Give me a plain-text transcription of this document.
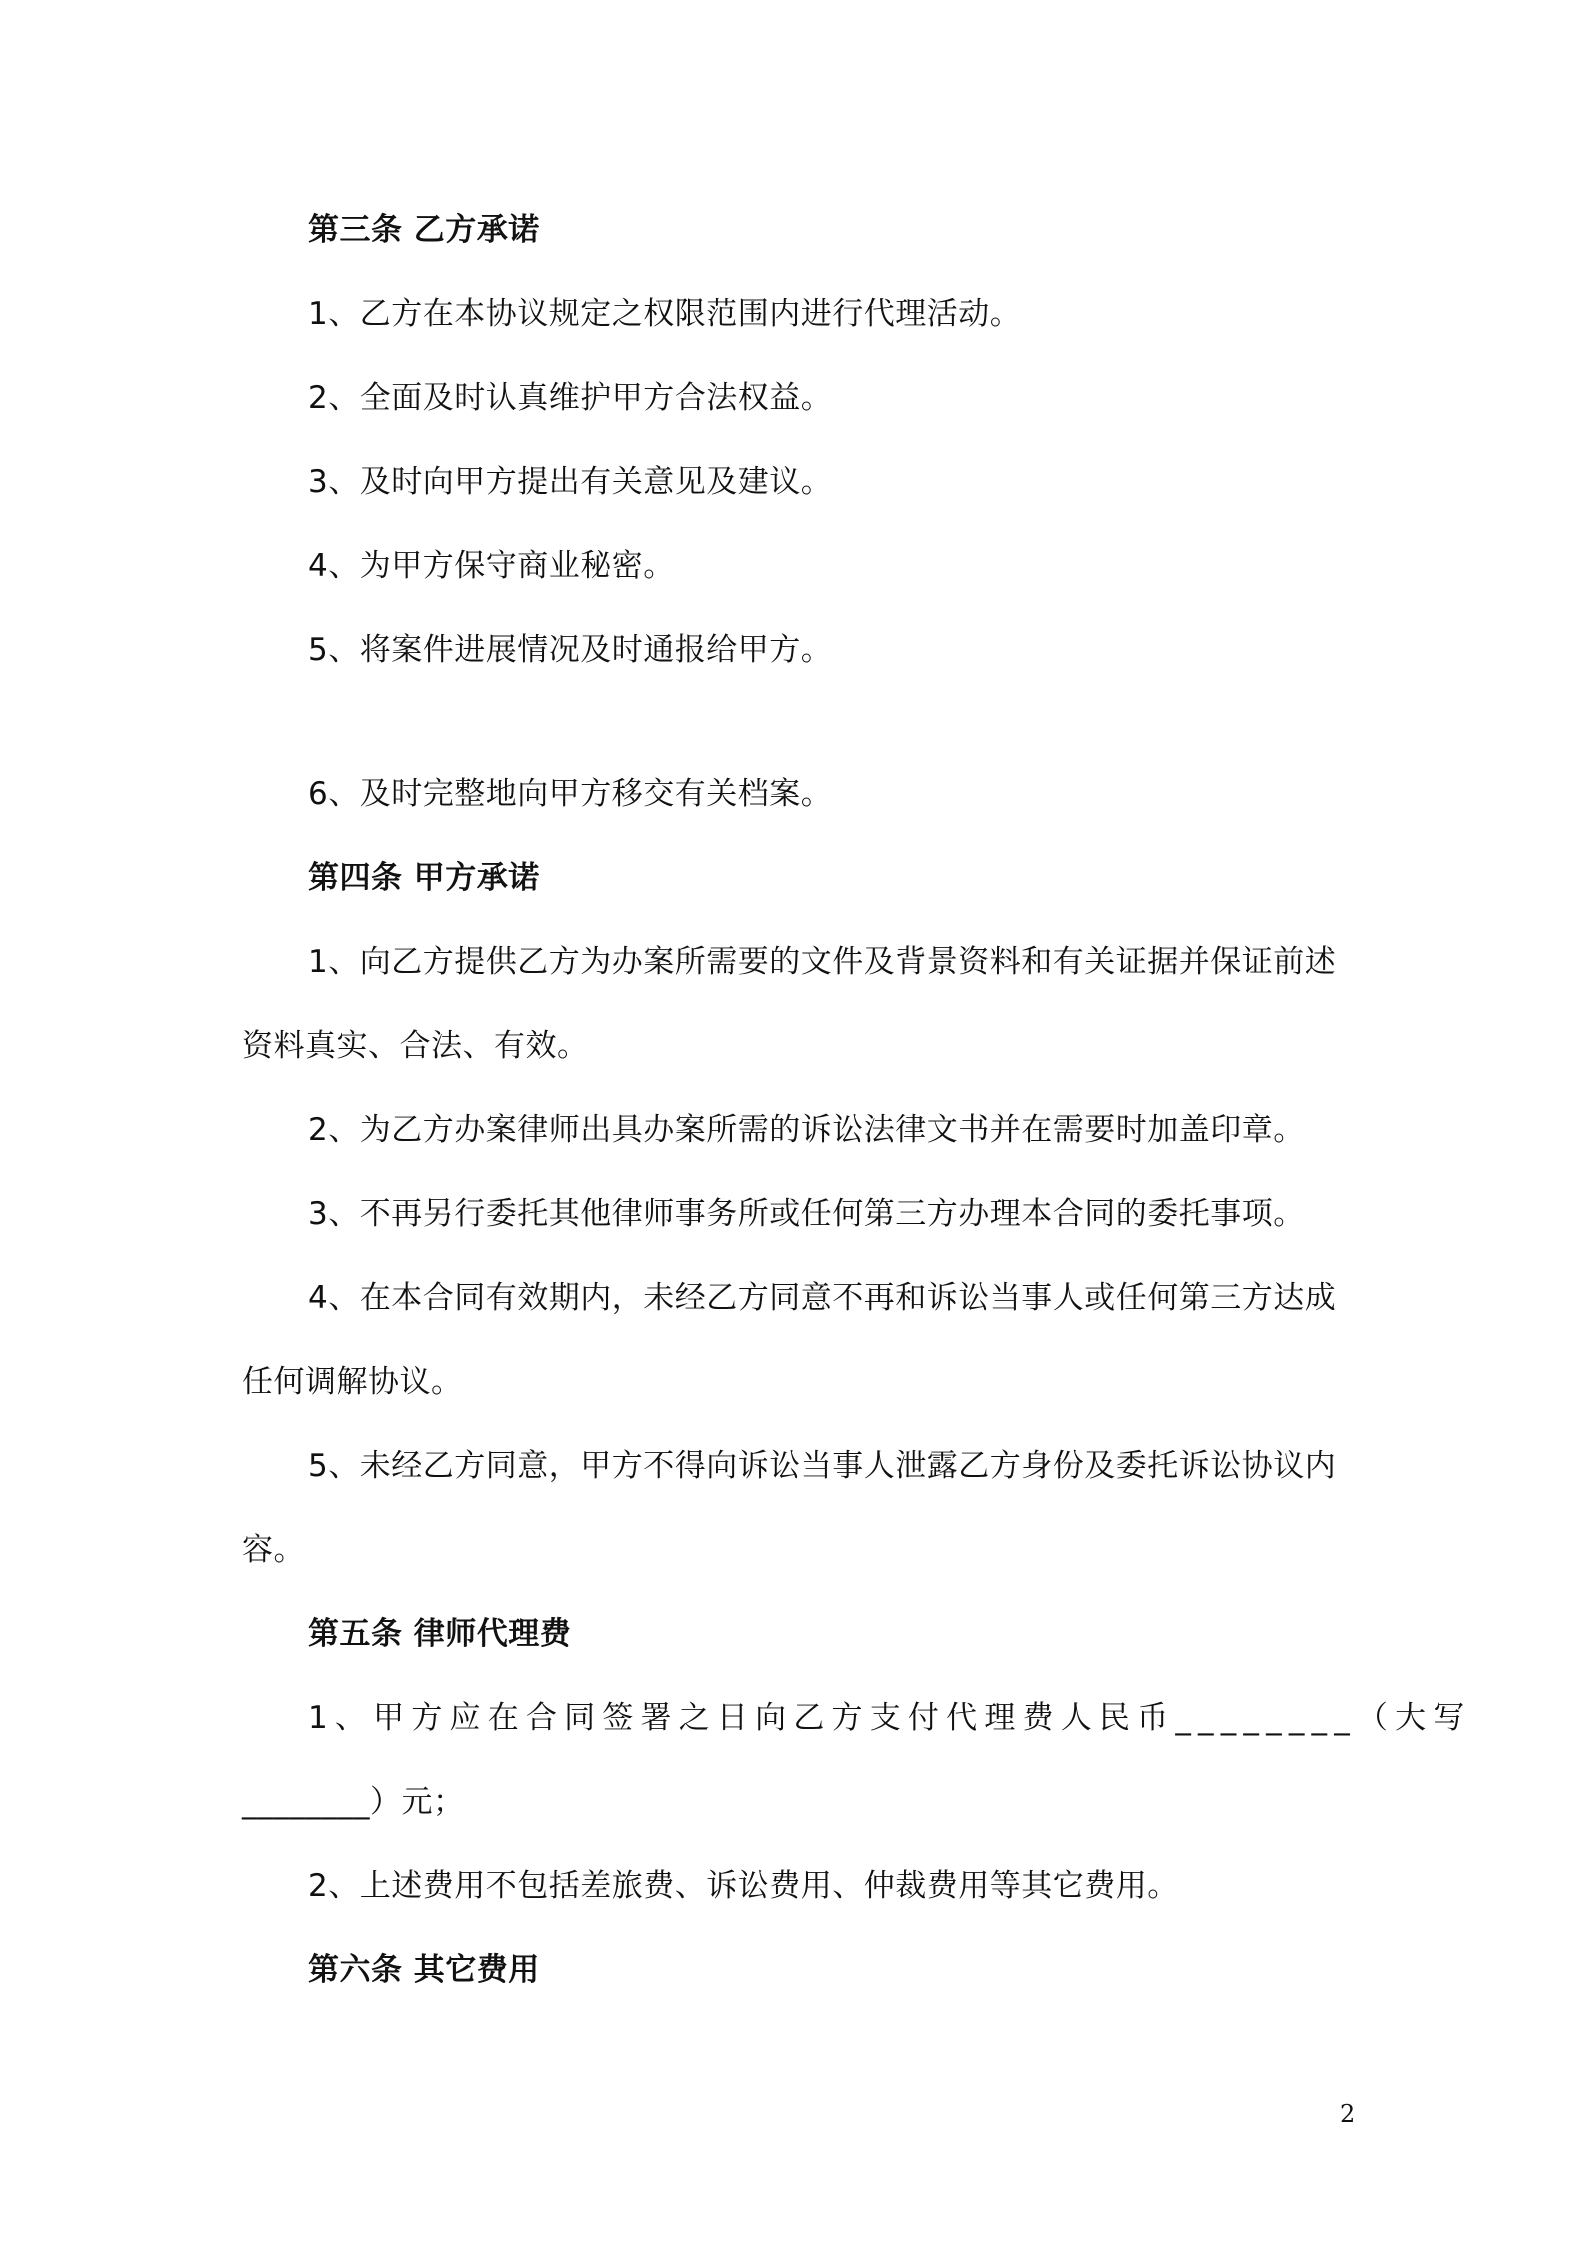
第三条 乙方承诺
1、乙方在本协议规定之权限范围内进行代理活动。
2、全面及时认真维护甲方合法权益。
3、及时向甲方提出有关意见及建议。
4、为甲方保守商业秘密。
5、将案件进展情况及时通报给甲方。
6、及时完整地向甲方移交有关档案。
第四条 甲方承诺
1、向乙方提供乙方为办案所需要的文件及背景资料和有关证据并保证前述
资料真实、合法、有效。
2、为乙方办案律师出具办案所需的诉讼法律文书并在需要时加盖印章。
3、不再另行委托其他律师事务所或任何第三方办理本合同的委托事项。
4、在本合同有效期内，未经乙方同意不再和诉讼当事人或任何第三方达成
任何调解协议。
5、未经乙方同意，甲方不得向诉讼当事人泄露乙方身份及委托诉讼协议内
容。
第五条 律师代理费
1、甲方应在合同签署之日向乙方支付代理费人民币________（大写
________）元；
2、上述费用不包括差旅费、诉讼费用、仲裁费用等其它费用。
第六条 其它费用
2
